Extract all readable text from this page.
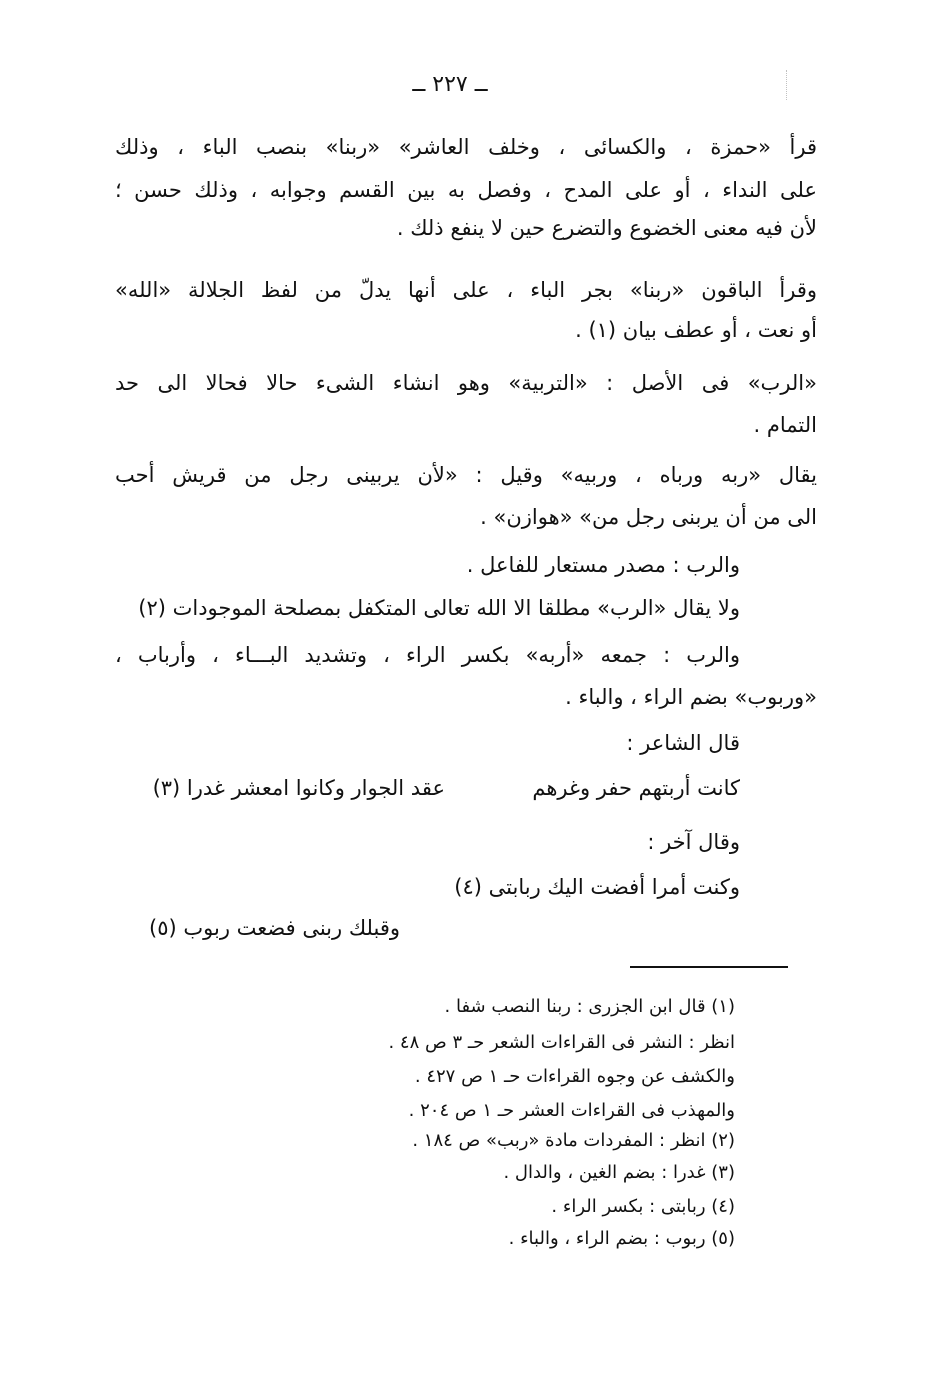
ــ ٢٢٧ ــ
قرأ «حمزة ، والكسائى ، وخلف العاشر» «ربنا» بنصب الباء ، وذلك
على النداء ، أو على المدح ، وفصل به بين القسم وجوابه ، وذلك حسن ؛
لأن فيه معنى الخضوع والتضرع حين لا ينفع ذلك .
وقرأ الباقون «ربنا» بجر الباء ، على أنها يدلّ من لفظ الجلالة «الله»
أو نعت ، أو عطف بيان (١) .
«الرب» فى الأصل : «التربية» وهو انشاء الشىء حالا فحالا الى حد
التمام .
يقال «ربه ورباه ، وربيه» وقيل : «لأن يربينى رجل من قريش أحب
الى من أن يربنى رجل من» «هوازن» .
والرب : مصدر مستعار للفاعل .
ولا يقال «الرب» مطلقا الا الله تعالى المتكفل بمصلحة الموجودات (٢)
والرب : جمعه «أربه» بكسر الراء ، وتشديد البـــاء ، وأرباب ،
«وربوب» بضم الراء ، والباء .
قال الشاعر :
كانت أربتهم حفر وغرهم
عقد الجوار وكانوا امعشر غدرا (٣)
وقال آخر :
وكنت أمرا أفضت اليك ربابتى (٤)
وقبلك ربنى فضعت ربوب (٥)
(١) قال ابن الجزرى : ربنا النصب شفا .
انظر : النشر فى القراءات الشعر حـ ٣ ص ٤٨ .
والكشف عن وجوه القراءات حـ ١ ص ٤٢٧ .
والمهذب فى القراءات العشر حـ ١ ص ٢٠٤ .
(٢) انظر : المفردات مادة «ربب» ص ١٨٤ .
(٣) غدرا : بضم الغين ، والدال .
(٤) ربابتى : بكسر الراء .
(٥) ربوب : بضم الراء ، والباء .
